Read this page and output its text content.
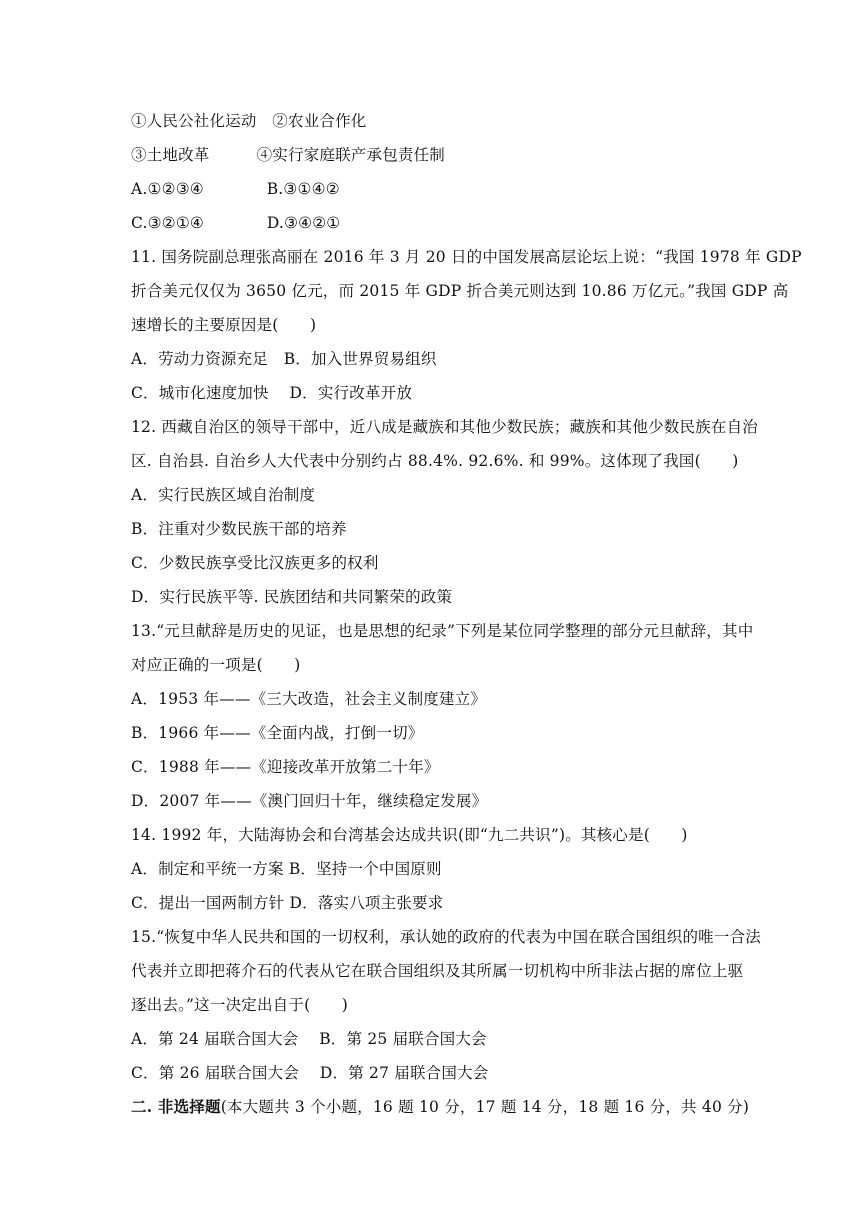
①人民公社化运动　②农业合作化
③土地改革　　　④实行家庭联产承包责任制
A.①②③④　　　　B.③①④②
C.③②①④　　　　D.③④②①
11. 国务院副总理张高丽在 2016 年 3 月 20 日的中国发展高层论坛上说：“我国 1978 年 GDP
折合美元仅仅为 3650 亿元，而 2015 年 GDP 折合美元则达到 10.86 万亿元。”我国 GDP 高
速增长的主要原因是(　　)
A．劳动力资源充足　B．加入世界贸易组织
C．城市化速度加快　 D．实行改革开放
12. 西藏自治区的领导干部中，近八成是藏族和其他少数民族；藏族和其他少数民族在自治
区. 自治县. 自治乡人大代表中分别约占 88.4%. 92.6%. 和 99%。这体现了我国(　　)
A．实行民族区域自治制度
B．注重对少数民族干部的培养
C．少数民族享受比汉族更多的权利
D．实行民族平等. 民族团结和共同繁荣的政策
13.“元旦献辞是历史的见证，也是思想的纪录”下列是某位同学整理的部分元旦献辞，其中
对应正确的一项是(　　)
A．1953 年——《三大改造，社会主义制度建立》
B．1966 年——《全面内战，打倒一切》
C．1988 年——《迎接改革开放第二十年》
D．2007 年——《澳门回归十年，继续稳定发展》
14. 1992 年，大陆海协会和台湾基会达成共识(即“九二共识”)。其核心是(　　)
A．制定和平统一方案 B．坚持一个中国原则
C．提出一国两制方针 D．落实八项主张要求
15.“恢复中华人民共和国的一切权利，承认她的政府的代表为中国在联合国组织的唯一合法
代表并立即把蒋介石的代表从它在联合国组织及其所属一切机构中所非法占据的席位上驱
逐出去。”这一决定出自于(　　)
A．第 24 届联合国大会　 B．第 25 届联合国大会
C．第 26 届联合国大会　 D．第 27 届联合国大会
二. 非选择题(本大题共 3 个小题，16 题 10 分，17 题 14 分，18 题 16 分，共 40 分)
